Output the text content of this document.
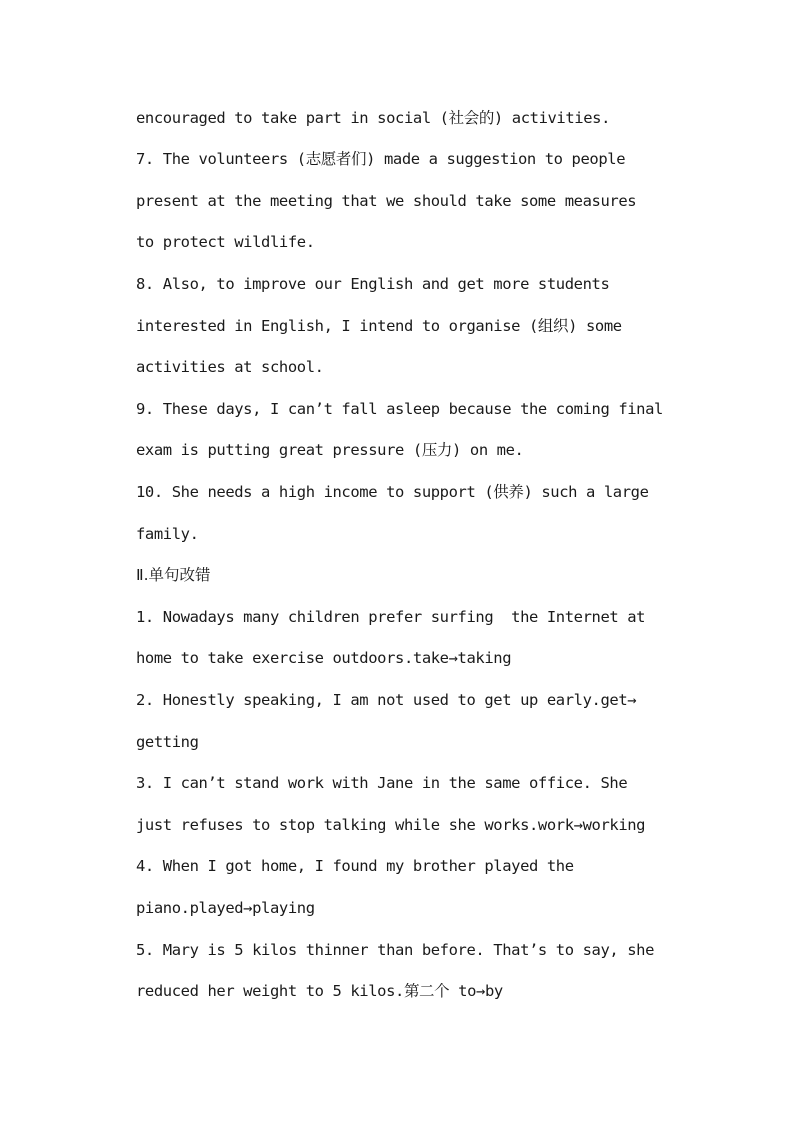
encouraged to take part in social (社会的) activities.
7. The volunteers (志愿者们) made a suggestion to people
present at the meeting that we should take some measures
to protect wildlife.
8. Also, to improve our English and get more students
interested in English, I intend to organise (组织) some
activities at school.
9. These days, I can’t fall asleep because the coming final
exam is putting great pressure (压力) on me.
10. She needs a high income to support (供养) such a large
family.
Ⅱ.单句改错
1. Nowadays many children prefer surfing  the Internet at
home to take exercise outdoors.take→taking
2. Honestly speaking, I am not used to get up early.get→
getting
3. I can’t stand work with Jane in the same office. She
just refuses to stop talking while she works.work→working
4. When I got home, I found my brother played the
piano.played→playing
5. Mary is 5 kilos thinner than before. That’s to say, she
reduced her weight to 5 kilos.第二个 to→by
